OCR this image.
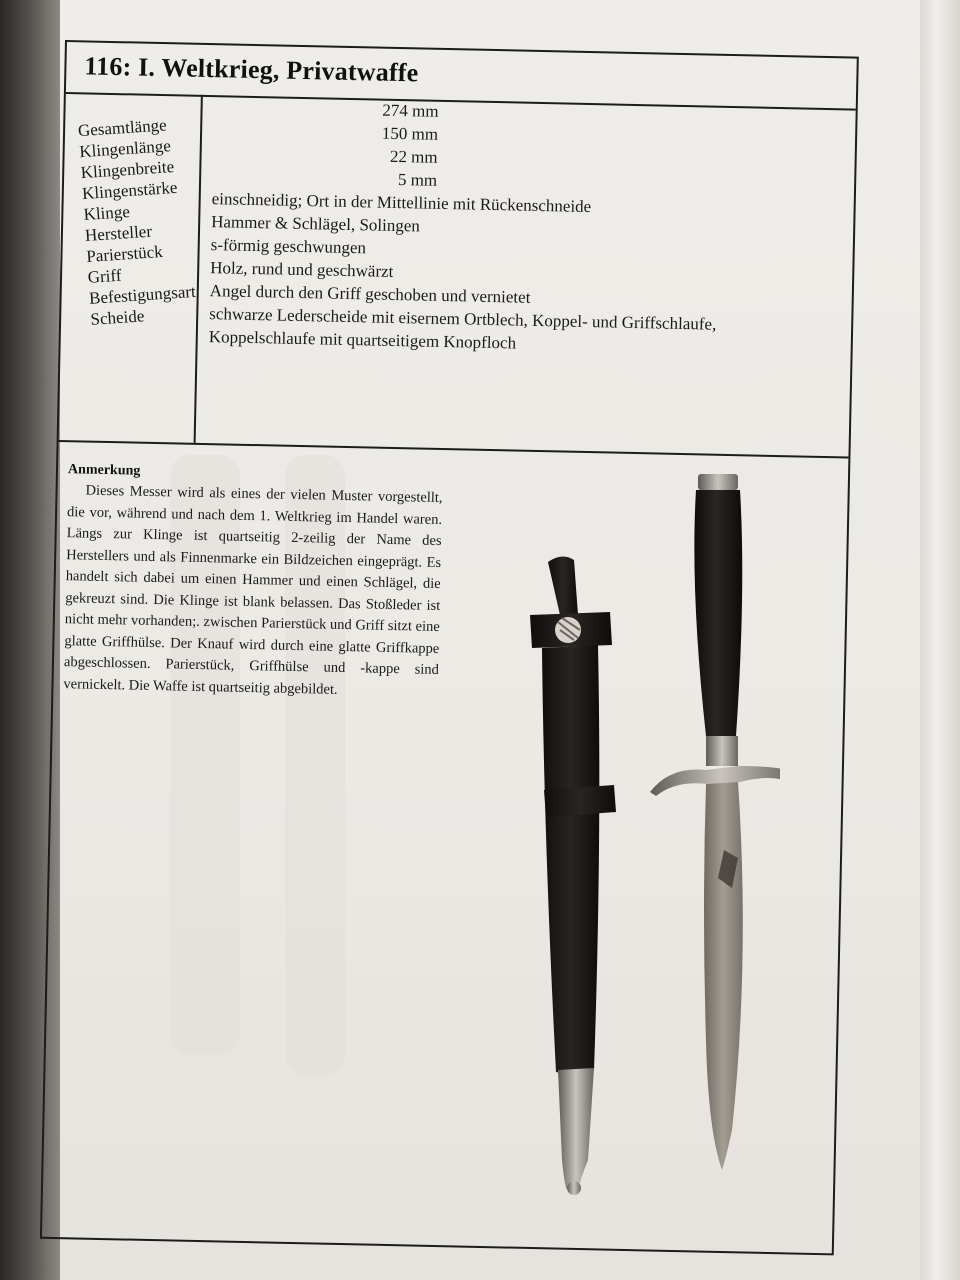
116: I. Weltkrieg, Privatwaffe
Gesamtlänge
Klingenlänge
Klingenbreite
Klingenstärke
Klinge
Hersteller
Parierstück
Griff
Befestigungsart
Scheide
274 mm
150 mm
22 mm
5 mm
einschneidig; Ort in der Mittellinie mit Rückenschneide
Hammer & Schlägel, Solingen
s-förmig geschwungen
Holz, rund und geschwärzt
Angel durch den Griff geschoben und vernietet
schwarze Lederscheide mit eisernem Ortblech, Koppel- und Griffschlaufe,
Koppelschlaufe mit quartseitigem Knopfloch
Anmerkung
Dieses Messer wird als eines der vielen Muster vorgestellt, die vor, während und nach dem 1. Weltkrieg im Handel waren. Längs zur Klinge ist quartseitig 2-zeilig der Name des Herstellers und als Finnenmarke ein Bildzeichen eingeprägt. Es handelt sich dabei um einen Hammer und einen Schlägel, die gekreuzt sind. Die Klinge ist blank belassen. Das Stoßleder ist nicht mehr vorhanden;. zwischen Parierstück und Griff sitzt eine glatte Griffhülse. Der Knauf wird durch eine glatte Griffkappe abgeschlossen. Parierstück, Griffhülse und -kappe sind vernickelt. Die Waffe ist quartseitig abgebildet.
